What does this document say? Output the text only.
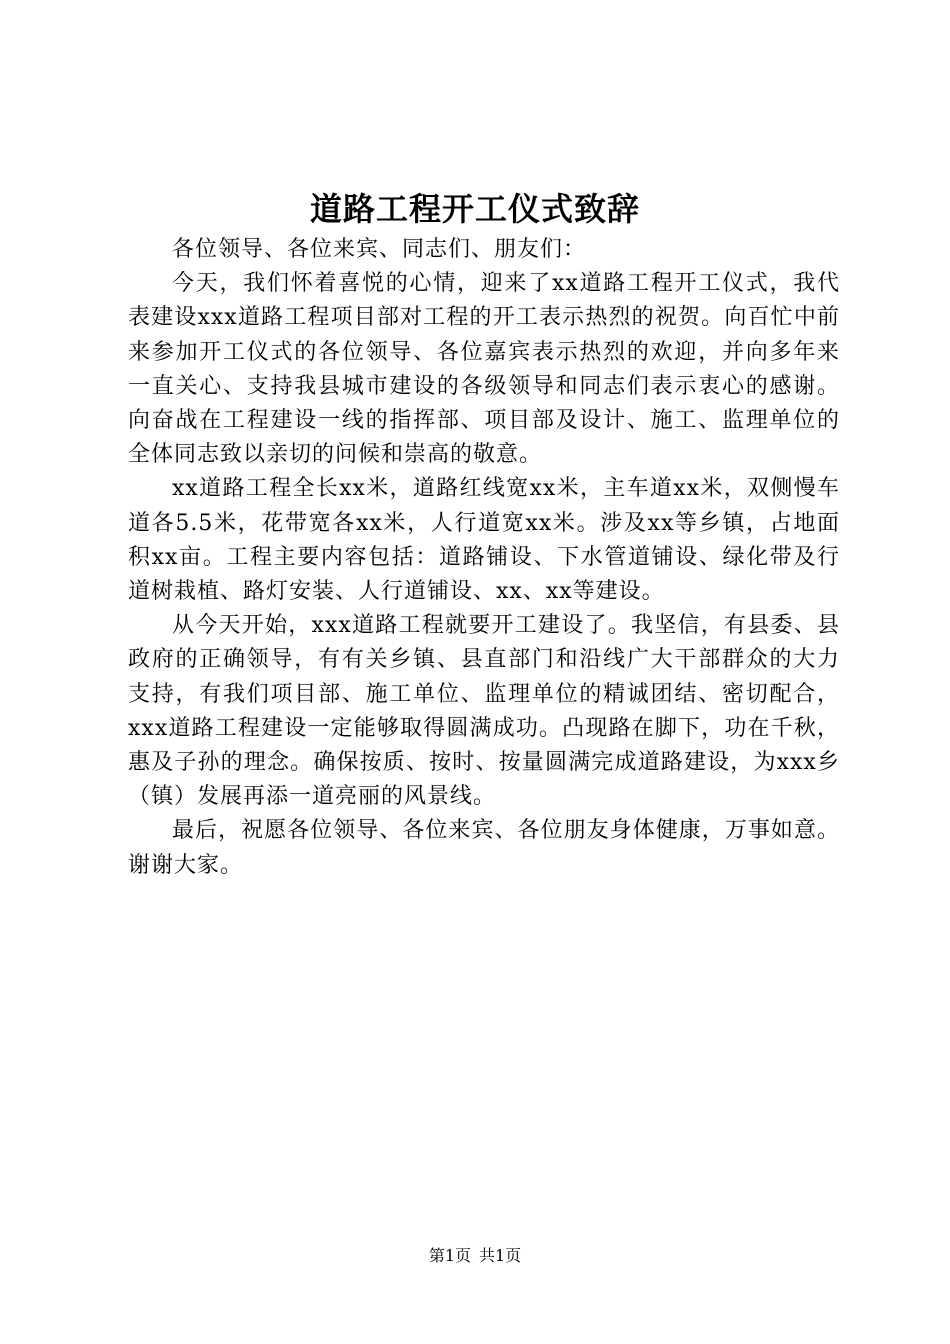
道路工程开工仪式致辞

各位领导、各位来宾、同志们、朋友们：

今天，我们怀着喜悦的心情，迎来了xx道路工程开工仪式，我代表建设xxx道路工程项目部对工程的开工表示热烈的祝贺。向百忙中前来参加开工仪式的各位领导、各位嘉宾表示热烈的欢迎，并向多年来一直关心、支持我县城市建设的各级领导和同志们表示衷心的感谢。向奋战在工程建设一线的指挥部、项目部及设计、施工、监理单位的全体同志致以亲切的问候和崇高的敬意。

xx道路工程全长xx米，道路红线宽xx米，主车道xx米，双侧慢车道各5.5米，花带宽各xx米，人行道宽xx米。涉及xx等乡镇，占地面积xx亩。工程主要内容包括：道路铺设、下水管道铺设、绿化带及行道树栽植、路灯安装、人行道铺设、xx、xx等建设。

从今天开始，xxx道路工程就要开工建设了。我坚信，有县委、县政府的正确领导，有有关乡镇、县直部门和沿线广大干部群众的大力支持，有我们项目部、施工单位、监理单位的精诚团结、密切配合，xxx道路工程建设一定能够取得圆满成功。凸现路在脚下，功在千秋，惠及子孙的理念。确保按质、按时、按量圆满完成道路建设，为xxx乡（镇）发展再添一道亮丽的风景线。

最后，祝愿各位领导、各位来宾、各位朋友身体健康，万事如意。谢谢大家。

第1页 共1页
